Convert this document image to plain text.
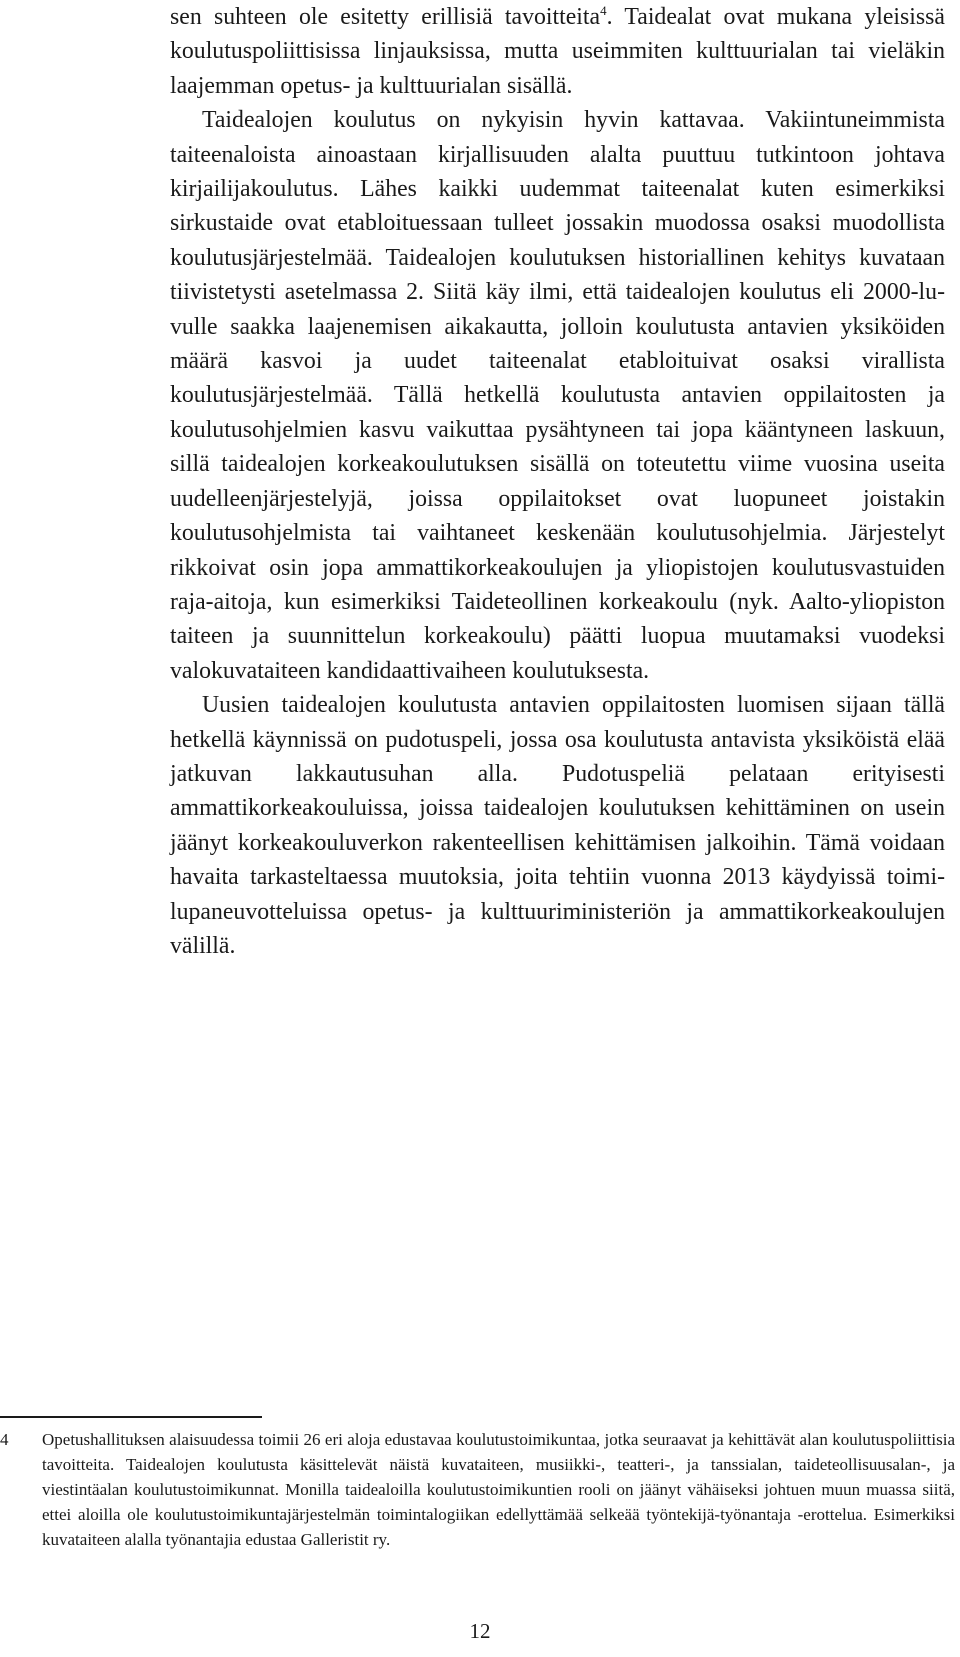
sen suhteen ole esitetty erillisiä tavoitteita$^4$. Taidealat ovat mukana yleisissä koulutuspoliittisissa linjauksissa, mutta useimmiten kulttuurialan tai vieläkin laajemman opetus- ja kulttuurialan sisällä.

Taidealojen koulutus on nykyisin hyvin kattavaa. Vakiintuneimmista taiteenaloista ainoastaan kirjallisuuden alalta puuttuu tutkintoon johtava kirjailijakoulutus. Lähes kaikki uudemmat taiteenalat kuten esimerkiksi sirkustaide ovat etabloituessaan tulleet jossakin muodossa osaksi muodollista koulutusjärjestelmää. Taidealojen koulutuksen historiallinen kehitys kuvataan tiivistetysti asetelmassa 2. Siitä käy ilmi, että taidealojen koulutus eli 2000-luvulle saakka laajenemisen aikakautta, jolloin koulutusta antavien yksiköiden määrä kasvoi ja uudet taiteenalat etabloituivat osaksi virallista koulutusjärjestelmää. Tällä hetkellä koulutusta antavien oppilaitosten ja koulutusohjelmien kasvu vaikuttaa pysähtyneen tai jopa kääntyneen laskuun, sillä taidealojen korkeakoulutuksen sisällä on toteutettu viime vuosina useita uudelleenjärjestelyjä, joissa oppilaitokset ovat luopuneet joistakin koulutusohjelmista tai vaihtaneet keskenään koulutusohjelmia. Järjestelyt rikkoivat osin jopa ammattikorkeakoulujen ja yliopistojen koulutusvastuiden raja-aitoja, kun esimerkiksi Taideteollinen korkeakoulu (nyk. Aalto-yliopiston taiteen ja suunnittelun korkeakoulu) päätti luopua muutamaksi vuodeksi valokuvataiteen kandidaattivaiheen koulutuksesta.

Uusien taidealojen koulutusta antavien oppilaitosten luomisen sijaan tällä hetkellä käynnissä on pudotuspeli, jossa osa koulutusta antavista yksiköistä elää jatkuvan lakkautusuhan alla. Pudotuspeliä pelataan erityisesti ammattikorkeakouluissa, joissa taidealojen koulutuksen kehittäminen on usein jäänyt korkeakouluverkon rakenteellisen kehittämisen jalkoihin. Tämä voidaan havaita tarkasteltaessa muutoksia, joita tehtiin vuonna 2013 käydyissä toimilupaneuvotteluissa opetus- ja kulttuuriministeriön ja ammattikorkeakoulujen välillä.

4 Opetushallituksen alaisuudessa toimii 26 eri aloja edustavaa koulutustoimikuntaa, jotka seuraavat ja kehittävät alan koulutuspoliittisia tavoitteita. Taidealojen koulutusta käsittelevät näistä kuvataiteen, musiikki-, teatteri-, ja tanssialan, taideteollisuusalan-, ja viestintäalan koulutustoimikunnat. Monilla taidealoilla koulutustoimikuntien rooli on jäänyt vähäiseksi johtuen muun muassa siitä, ettei aloilla ole koulutustoimikuntajärjestelmän toimintalogiikan edellyttämää selkeää työntekijä-työnantaja -erottelua. Esimerkiksi kuvataiteen alalla työnantajia edustaa Galleristit ry.
12
